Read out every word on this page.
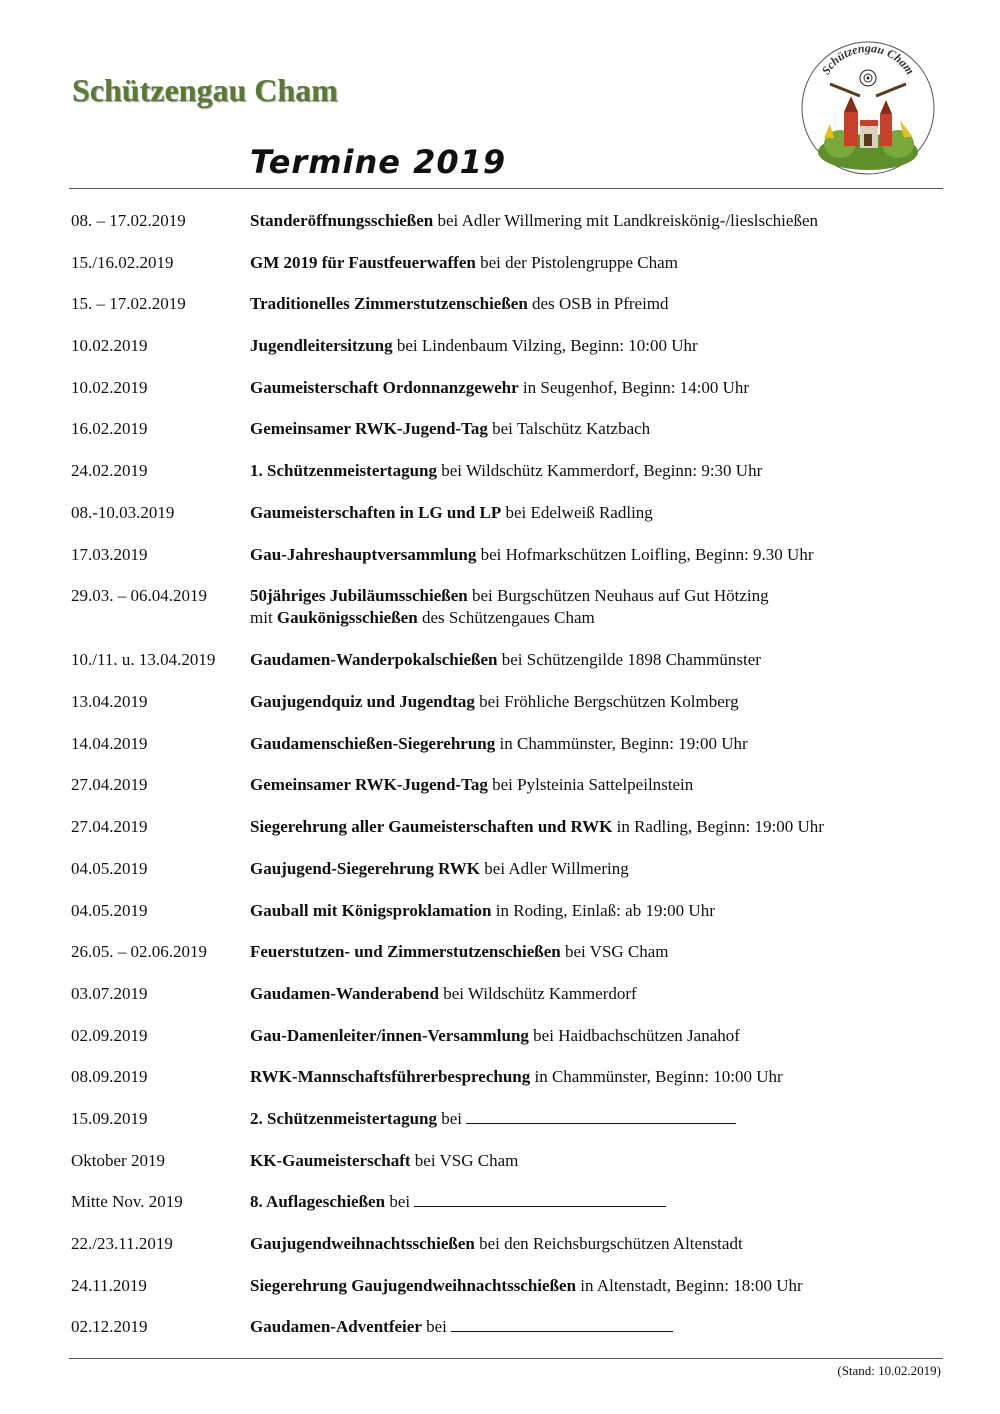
Schützengau Cham
Schützengau Cham
Termine 2019
08. – 17.02.2019	Standeröffnungsschießen bei Adler Willmering mit Landkreiskönig-/lieslschießen
15./16.02.2019	GM 2019 für Faustfeuerwaffen bei der Pistolengruppe Cham
15. – 17.02.2019	Traditionelles Zimmerstutzenschießen des OSB in Pfreimd
10.02.2019	Jugendleitersitzung bei Lindenbaum Vilzing, Beginn: 10:00 Uhr
10.02.2019	Gaumeisterschaft Ordonnanzgewehr in Seugenhof, Beginn: 14:00 Uhr
16.02.2019	Gemeinsamer RWK-Jugend-Tag bei Talschütz Katzbach
24.02.2019	1. Schützenmeistertagung bei Wildschütz Kammerdorf, Beginn: 9:30 Uhr
08.-10.03.2019	Gaumeisterschaften in LG und LP bei Edelweiß Radling
17.03.2019	Gau-Jahreshauptversammlung bei Hofmarkschützen Loifling, Beginn: 9.30 Uhr
29.03. – 06.04.2019	50jähriges Jubiläumsschießen bei Burgschützen Neuhaus auf Gut Hötzing
mit Gaukönigsschießen des Schützengaues Cham
10./11. u. 13.04.2019	Gaudamen-Wanderpokalschießen bei Schützengilde 1898 Chammünster
13.04.2019	Gaujugendquiz und Jugendtag bei Fröhliche Bergschützen Kolmberg
14.04.2019	Gaudamenschießen-Siegerehrung in Chammünster, Beginn: 19:00 Uhr
27.04.2019	Gemeinsamer RWK-Jugend-Tag bei Pylsteinia Sattelpeilnstein
27.04.2019	Siegerehrung aller Gaumeisterschaften und RWK in Radling, Beginn: 19:00 Uhr
04.05.2019	Gaujugend-Siegerehrung RWK bei Adler Willmering
04.05.2019	Gauball mit Königsproklamation in Roding, Einlaß: ab 19:00 Uhr
26.05. – 02.06.2019	Feuerstutzen- und Zimmerstutzenschießen bei VSG Cham
03.07.2019	Gaudamen-Wanderabend bei Wildschütz Kammerdorf
02.09.2019	Gau-Damenleiter/innen-Versammlung bei Haidbachschützen Janahof
08.09.2019	RWK-Mannschaftsführerbesprechung in Chammünster, Beginn: 10:00 Uhr
15.09.2019	2. Schützenmeistertagung bei
Oktober 2019	KK-Gaumeisterschaft bei VSG Cham
Mitte Nov. 2019	8. Auflageschießen bei
22./23.11.2019	Gaujugendweihnachtsschießen bei den Reichsburgschützen Altenstadt
24.11.2019	Siegerehrung Gaujugendweihnachtsschießen in Altenstadt, Beginn: 18:00 Uhr
02.12.2019	Gaudamen-Adventfeier bei
(Stand: 10.02.2019)
